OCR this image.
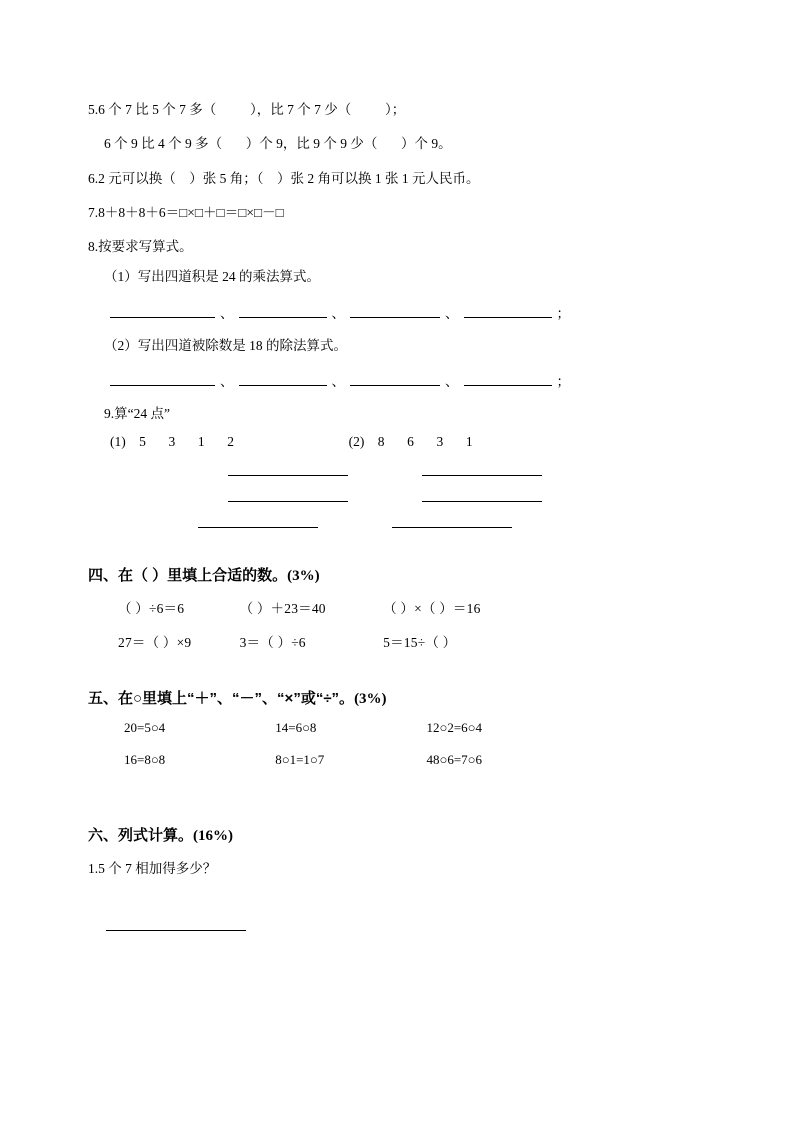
5.6 个 7 比 5 个 7 多（          ），比 7 个 7 少（          ）；
6 个 9 比 4 个 9 多（       ）个 9，比 9 个 9 少（       ）个 9。
6.2 元可以换（    ）张 5 角；（    ）张 2 角可以换 1 张 1 元人民币。
7.8＋8＋8＋6＝□×□＋□＝□×□－□
8.按要求写算式。
（1）写出四道积是 24 的乘法算式。
、	、	、	；
（2）写出四道被除数是 18 的除法算式。
、	、	、	；
9.算“24 点”
(1) 5 3 1 2	(2) 8 6 3 1
四、在（ ）里填上合适的数。(3%)
（ ）÷6＝6	（ ）＋23＝40	（ ）×（ ）＝16
27＝（ ）×9	3＝（ ）÷6	5＝15÷（ ）
五、在○里填上“＋”、“－”、“×”或“÷”。(3%)
20=5○4	14=6○8	12○2=6○4
16=8○8	8○1=1○7	48○6=7○6
六、列式计算。(16%)
1.5 个 7 相加得多少？
